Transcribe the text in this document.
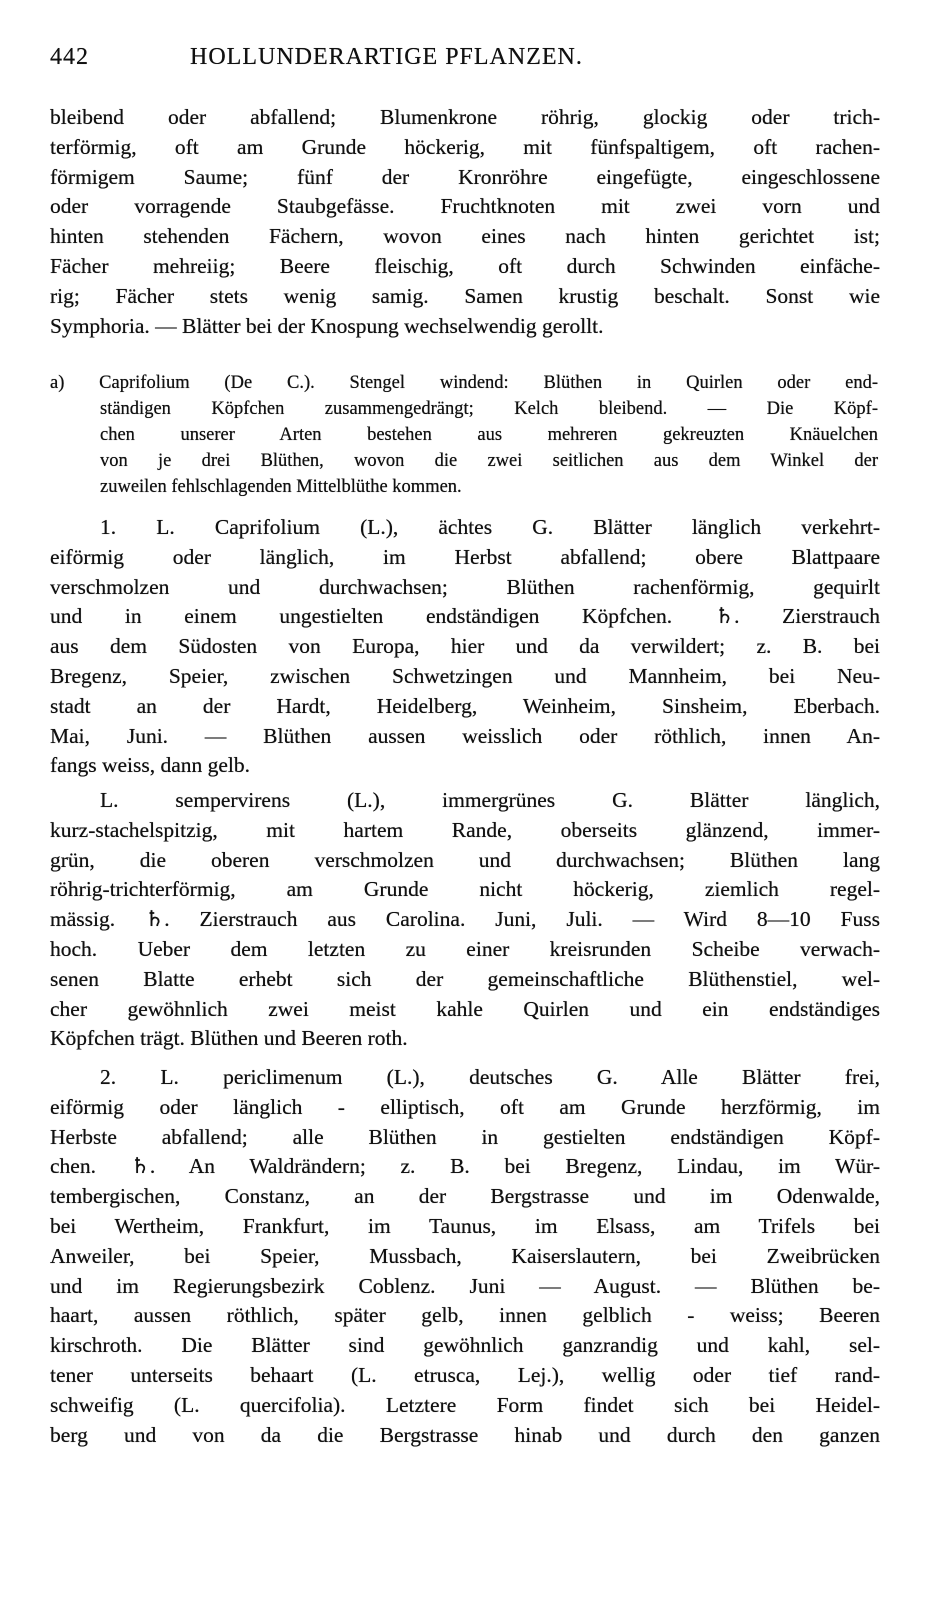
442	HOLLUNDERARTIGE PFLANZEN.
bleibend oder abfallend; Blumenkrone röhrig, glockig oder trich-
terförmig, oft am Grunde höckerig, mit fünfspaltigem, oft rachen-
förmigem Saume; fünf der Kronröhre eingefügte, eingeschlossene
oder vorragende Staubgefässe. Fruchtknoten mit zwei vorn und
hinten stehenden Fächern, wovon eines nach hinten gerichtet ist;
Fächer mehreiig; Beere fleischig, oft durch Schwinden einfäche-
rig; Fächer stets wenig samig. Samen krustig beschalt. Sonst wie
Symphoria. — Blätter bei der Knospung wechselwendig gerollt.
a) Caprifolium (De C.). Stengel windend: Blüthen in Quirlen oder end-
ständigen Köpfchen zusammengedrängt; Kelch bleibend. — Die Köpf-
chen unserer Arten bestehen aus mehreren gekreuzten Knäuelchen
von je drei Blüthen, wovon die zwei seitlichen aus dem Winkel der
zuweilen fehlschlagenden Mittelblüthe kommen.
1. L. Caprifolium (L.), ächtes G. Blätter länglich verkehrt-
eiförmig oder länglich, im Herbst abfallend; obere Blattpaare
verschmolzen und durchwachsen; Blüthen rachenförmig, gequirlt
und in einem ungestielten endständigen Köpfchen. ♄. Zierstrauch
aus dem Südosten von Europa, hier und da verwildert; z. B. bei
Bregenz, Speier, zwischen Schwetzingen und Mannheim, bei Neu-
stadt an der Hardt, Heidelberg, Weinheim, Sinsheim, Eberbach.
Mai, Juni. — Blüthen aussen weisslich oder röthlich, innen An-
fangs weiss, dann gelb.
L. sempervirens (L.), immergrünes G. Blätter länglich,
kurz-stachelspitzig, mit hartem Rande, oberseits glänzend, immer-
grün, die oberen verschmolzen und durchwachsen; Blüthen lang
röhrig-trichterförmig, am Grunde nicht höckerig, ziemlich regel-
mässig. ♄. Zierstrauch aus Carolina. Juni, Juli. — Wird 8—10 Fuss
hoch. Ueber dem letzten zu einer kreisrunden Scheibe verwach-
senen Blatte erhebt sich der gemeinschaftliche Blüthenstiel, wel-
cher gewöhnlich zwei meist kahle Quirlen und ein endständiges
Köpfchen trägt. Blüthen und Beeren roth.
2. L. periclimenum (L.), deutsches G. Alle Blätter frei,
eiförmig oder länglich - elliptisch, oft am Grunde herzförmig, im
Herbste abfallend; alle Blüthen in gestielten endständigen Köpf-
chen. ♄. An Waldrändern; z. B. bei Bregenz, Lindau, im Wür-
tembergischen, Constanz, an der Bergstrasse und im Odenwalde,
bei Wertheim, Frankfurt, im Taunus, im Elsass, am Trifels bei
Anweiler, bei Speier, Mussbach, Kaiserslautern, bei Zweibrücken
und im Regierungsbezirk Coblenz. Juni — August. — Blüthen be-
haart, aussen röthlich, später gelb, innen gelblich - weiss; Beeren
kirschroth. Die Blätter sind gewöhnlich ganzrandig und kahl, sel-
tener unterseits behaart (L. etrusca, Lej.), wellig oder tief rand-
schweifig (L. quercifolia). Letztere Form findet sich bei Heidel-
berg und von da die Bergstrasse hinab und durch den ganzen
